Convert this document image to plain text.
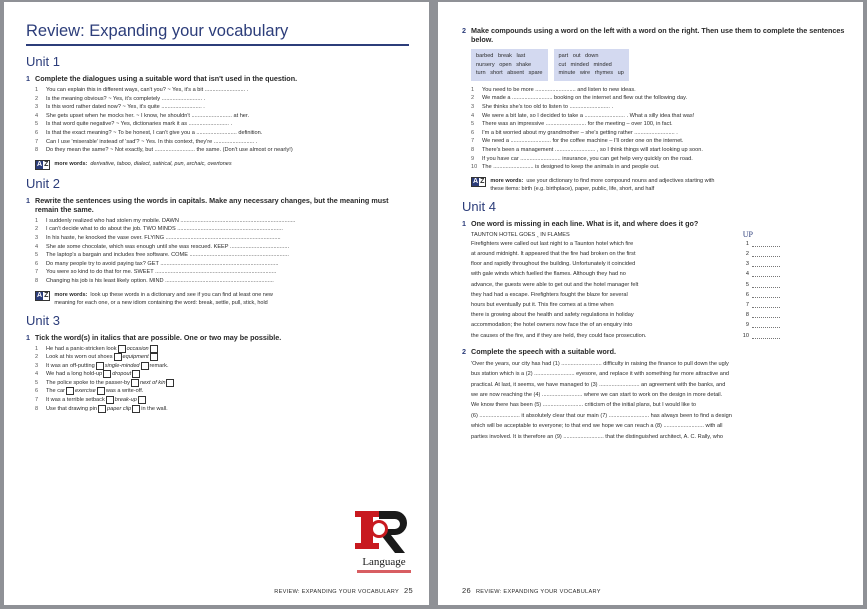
Review: Expanding your vocabulary
Unit 1
1 Complete the dialogues using a suitable word that isn't used in the question.
1	You can explain this in different ways, can't you? ~ Yes, it's a bit .......................... .
2	Is the meaning obvious? ~ Yes, it's completely .......................... .
3	Is this word rather dated now? ~ Yes, it's quite .......................... .
4	She gets upset when he mocks her. ~ I know, he shouldn't .......................... at her.
5	Is that word quite negative? ~ Yes, dictionaries mark it as .......................... .
6	Is that the exact meaning? ~ To be honest, I can't give you a .......................... definition.
7	Can I use 'miserable' instead of 'sad'? ~ Yes. In this context, they're .......................... .
8	Do they mean the same? ~ Not exactly, but .......................... the same. (Don't use almost or nearly!)
A Z more words: derivative, taboo, dialect, satirical, pun, archaic, overtones
Unit 2
1 Rewrite the sentences using the words in capitals. Make any necessary changes, but the meaning must remain the same.
1	I suddenly realized who had stolen my mobile. DAWN ..........................................................................
2	I can't decide what to do about the job. TWO MINDS ....................................................................
3	In his haste, he knocked the vase over. FLYING ..........................................................................
4	She ate some chocolate, which was enough until she was rescued. KEEP ......................................
5	The laptop's a bargain and includes free software. COME ................................................................
6	Do many people try to avoid paying tax? GET ............................................................................
7	You were so kind to do that for me. SWEET ..............................................................................
8	Changing his job is his least likely option. MIND ......................................................................
A Z more words: look up these words in a dictionary and see if you can find at least one new
meaning for each one, or a new idiom containing the word: break, settle, pull, stick, hold
Unit 3
1 Tick the word(s) in italics that are possible. One or two may be possible.
1	He had a panic-stricken look occasion
2	Look at his worn out shoes equipment
3	It was an off-putting single-minded remark.
4	We had a long hold-up dropout
5	The police spoke to the passer-by next of kin
6	The car exercise was a write-off.
7	It was a terrible setback break-up
8	Use that drawing pin paper clip in the wall.
Language
REVIEW: EXPANDING YOUR VOCABULARY 25
2 Make compounds using a word on the left with a word on the right. Then use them to complete the sentences below.
barbed break last
nursery open shake
turn short absent spare
part out down
cut minded minded
minute wire rhymes up
1	You need to be more .......................... and listen to new ideas.
2	We made a .......................... booking on the internet and flew out the following day.
3	She thinks she's too old to listen to .......................... .
4	We were a bit late, so I decided to take a .......................... . What a silly idea that was!
5	There was an impressive .......................... for the meeting – over 100, in fact.
6	I'm a bit worried about my grandmother – she's getting rather .......................... .
7	We need a .......................... for the coffee machine – I'll order one on the internet.
8	There's been a management .......................... , so I think things will start looking up soon.
9	If you have car .......................... insurance, you can get help very quickly on the road.
10 The .......................... is designed to keep the animals in and people out.
A Z more words: use your dictionary to find more compound nouns and adjectives starting with
these items: birth (e.g. birthplace), paper, public, life, short, and half
Unit 4
1 One word is missing in each line. What is it, and where does it go?
TAUNTON HOTEL GOES ‸ IN FLAMES	UP
Firefighters were called out last night to a Taunton hotel which fire	1
at around midnight. It appeared that the fire had broken on the first	2
floor and rapidly throughout the building. Unfortunately it coincided	3
with gale winds which fuelled the flames. Although they had no	4
advance, the guests were able to get out and the hotel manager felt	5
they had had a escape. Firefighters fought the blaze for several	6
hours but eventually put it. This fire comes at a time when	7
there is growing about the health and safety regulations in holiday	8
accommodation; the hotel owners now face the of an enquiry into	9
the causes of the fire, and if they are held, they could face prosecution.	10
2 Complete the speech with a suitable word.
'Over the years, our city has had (1) .......................... difficulty in raising the finance to pull down the ugly
bus station which is a (2) .......................... eyesore, and replace it with something far more attractive and
practical. At last, it seems, we have managed to (3) .......................... an agreement with the banks, and
we are now reaching the (4) .......................... where we can start to work on the design in more detail.
We know there has been (5) .......................... criticism of the initial plans, but I would like to
(6) .......................... it absolutely clear that our main (7) .......................... has always been to find a design
which will be acceptable to everyone; to that end we hope we can reach a (8) .......................... with all
parties involved. It is therefore an (9) .......................... that the distinguished architect, A. C. Rally, who
26 REVIEW: EXPANDING YOUR VOCABULARY
